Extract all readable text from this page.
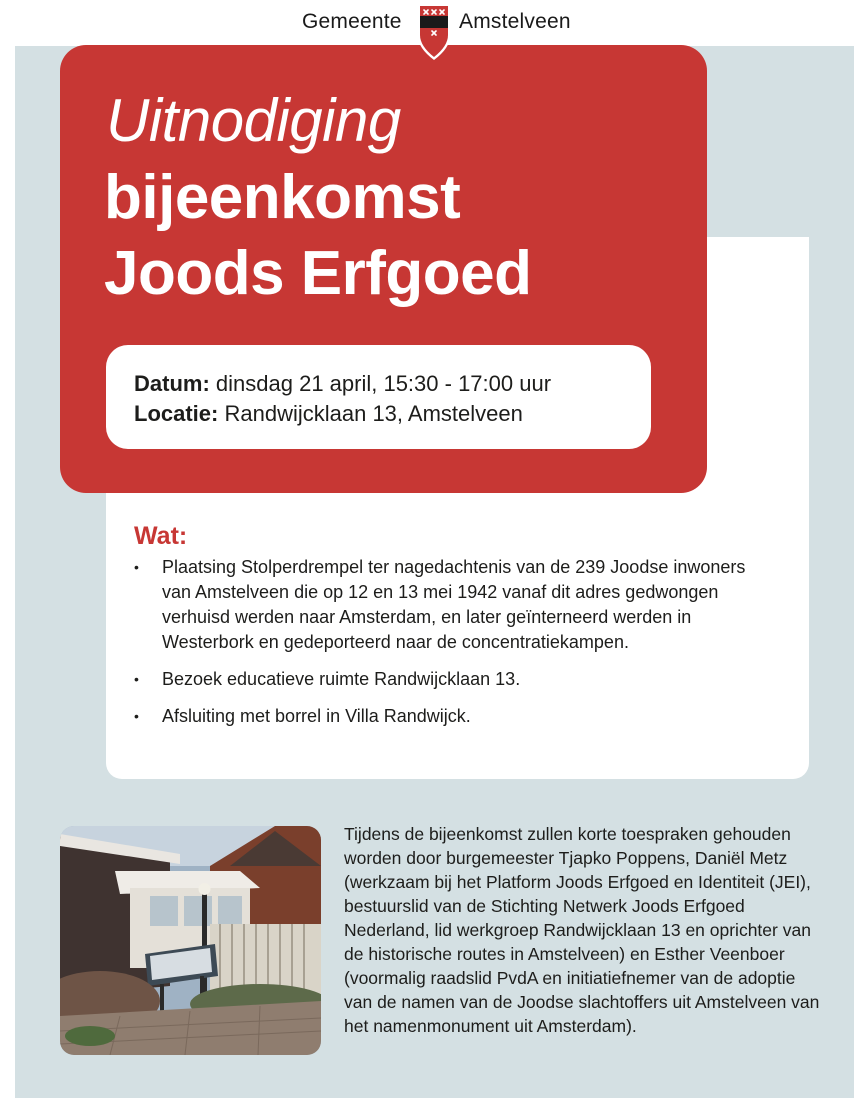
Gemeente	Amstelveen
Uitnodiging
bijeenkomst
Joods Erfgoed
Datum: dinsdag 21 april, 15:30 - 17:00 uur
Locatie: Randwijcklaan 13, Amstelveen
Wat:
• Plaatsing Stolperdrempel ter nagedachtenis van de 239 Joodse inwoners van Amstelveen die op 12 en 13 mei 1942 vanaf dit adres gedwongen verhuisd werden naar Amsterdam, en later geïnterneerd werden in Westerbork en gedeporteerd naar de concentratiekampen.
• Bezoek educatieve ruimte Randwijcklaan 13.
• Afsluiting met borrel in Villa Randwijck.

Tijdens de bijeenkomst zullen korte toespraken gehouden worden door burgemeester Tjapko Poppens, Daniël Metz (werkzaam bij het Platform Joods Erfgoed en Identiteit (JEI), bestuurslid van de Stichting Netwerk Joods Erfgoed Nederland, lid werkgroep Randwijcklaan 13 en oprichter van de historische routes in Amstelveen) en Esther Veenboer (voormalig raadslid PvdA en initiatiefnemer van de adoptie van de namen van de Joodse slachtoffers uit Amstelveen van het namenmonument uit Amsterdam).
